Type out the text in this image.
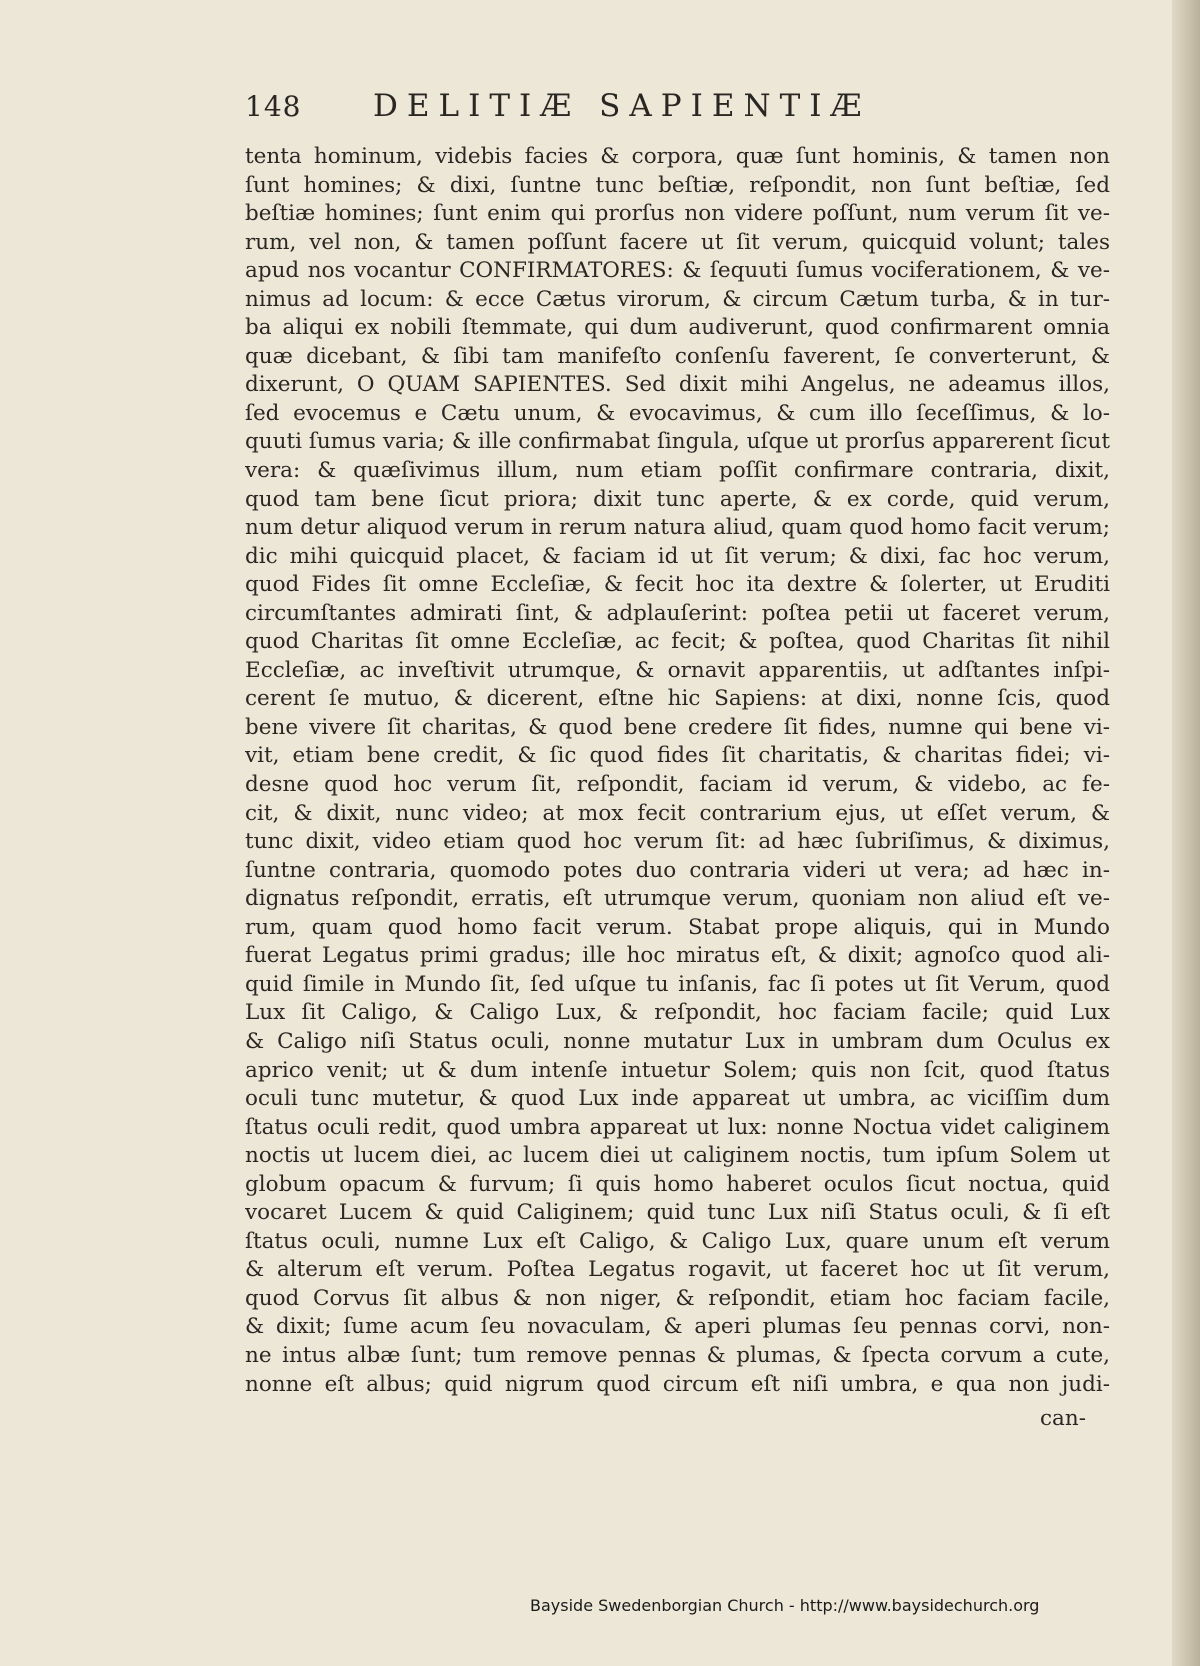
148 DELITIÆ SAPIENTIÆ
tenta hominum, videbis facies & corpora, quæ ſunt hominis, & tamen non
ſunt homines; & dixi, ſuntne tunc beſtiæ, reſpondit, non ſunt beſtiæ, ſed
beſtiæ homines; ſunt enim qui prorſus non videre poſſunt, num verum ſit ve-
rum, vel non, & tamen poſſunt facere ut ſit verum, quicquid volunt; tales
apud nos vocantur CONFIRMATORES: & ſequuti ſumus vociferationem, & ve-
nimus ad locum: & ecce Cætus virorum, & circum Cætum turba, & in tur-
ba aliqui ex nobili ſtemmate, qui dum audiverunt, quod confirmarent omnia
quæ dicebant, & ſibi tam manifeſto conſenſu faverent, ſe converterunt, &
dixerunt, O QUAM SAPIENTES. Sed dixit mihi Angelus, ne adeamus illos,
ſed evocemus e Cætu unum, & evocavimus, & cum illo ſeceſſimus, & lo-
quuti ſumus varia; & ille confirmabat ſingula, uſque ut prorſus apparerent ſicut
vera: & quæſivimus illum, num etiam poſſit confirmare contraria, dixit,
quod tam bene ſicut priora; dixit tunc aperte, & ex corde, quid verum,
num detur aliquod verum in rerum natura aliud, quam quod homo facit verum;
dic mihi quicquid placet, & faciam id ut ſit verum; & dixi, fac hoc verum,
quod Fides ſit omne Eccleſiæ, & fecit hoc ita dextre & ſolerter, ut Eruditi
circumſtantes admirati ſint, & adplauſerint: poſtea petii ut faceret verum,
quod Charitas ſit omne Eccleſiæ, ac fecit; & poſtea, quod Charitas ſit nihil
Eccleſiæ, ac inveſtivit utrumque, & ornavit apparentiis, ut adſtantes inſpi-
cerent ſe mutuo, & dicerent, eſtne hic Sapiens: at dixi, nonne ſcis, quod
bene vivere ſit charitas, & quod bene credere ſit fides, numne qui bene vi-
vit, etiam bene credit, & ſic quod fides ſit charitatis, & charitas fidei; vi-
desne quod hoc verum ſit, reſpondit, faciam id verum, & videbo, ac fe-
cit, & dixit, nunc video; at mox fecit contrarium ejus, ut eſſet verum, &
tunc dixit, video etiam quod hoc verum ſit: ad hæc ſubriſimus, & diximus,
ſuntne contraria, quomodo potes duo contraria videri ut vera; ad hæc in-
dignatus reſpondit, erratis, eſt utrumque verum, quoniam non aliud eſt ve-
rum, quam quod homo facit verum. Stabat prope aliquis, qui in Mundo
fuerat Legatus primi gradus; ille hoc miratus eſt, & dixit; agnoſco quod ali-
quid ſimile in Mundo ſit, ſed uſque tu inſanis, fac ſi potes ut ſit Verum, quod
Lux ſit Caligo, & Caligo Lux, & reſpondit, hoc faciam facile; quid Lux
& Caligo niſi Status oculi, nonne mutatur Lux in umbram dum Oculus ex
aprico venit; ut & dum intenſe intuetur Solem; quis non ſcit, quod ſtatus
oculi tunc mutetur, & quod Lux inde appareat ut umbra, ac viciſſim dum
ſtatus oculi redit, quod umbra appareat ut lux: nonne Noctua videt caliginem
noctis ut lucem diei, ac lucem diei ut caliginem noctis, tum ipſum Solem ut
globum opacum & furvum; ſi quis homo haberet oculos ſicut noctua, quid
vocaret Lucem & quid Caliginem; quid tunc Lux niſi Status oculi, & ſi eſt
ſtatus oculi, numne Lux eſt Caligo, & Caligo Lux, quare unum eſt verum
& alterum eſt verum. Poſtea Legatus rogavit, ut faceret hoc ut ſit verum,
quod Corvus ſit albus & non niger, & reſpondit, etiam hoc faciam facile,
& dixit; ſume acum ſeu novaculam, & aperi plumas ſeu pennas corvi, non-
ne intus albæ ſunt; tum remove pennas & plumas, & ſpecta corvum a cute,
nonne eſt albus; quid nigrum quod circum eſt niſi umbra, e qua non judi-
can-
Bayside Swedenborgian Church - http://www.baysidechurch.org
